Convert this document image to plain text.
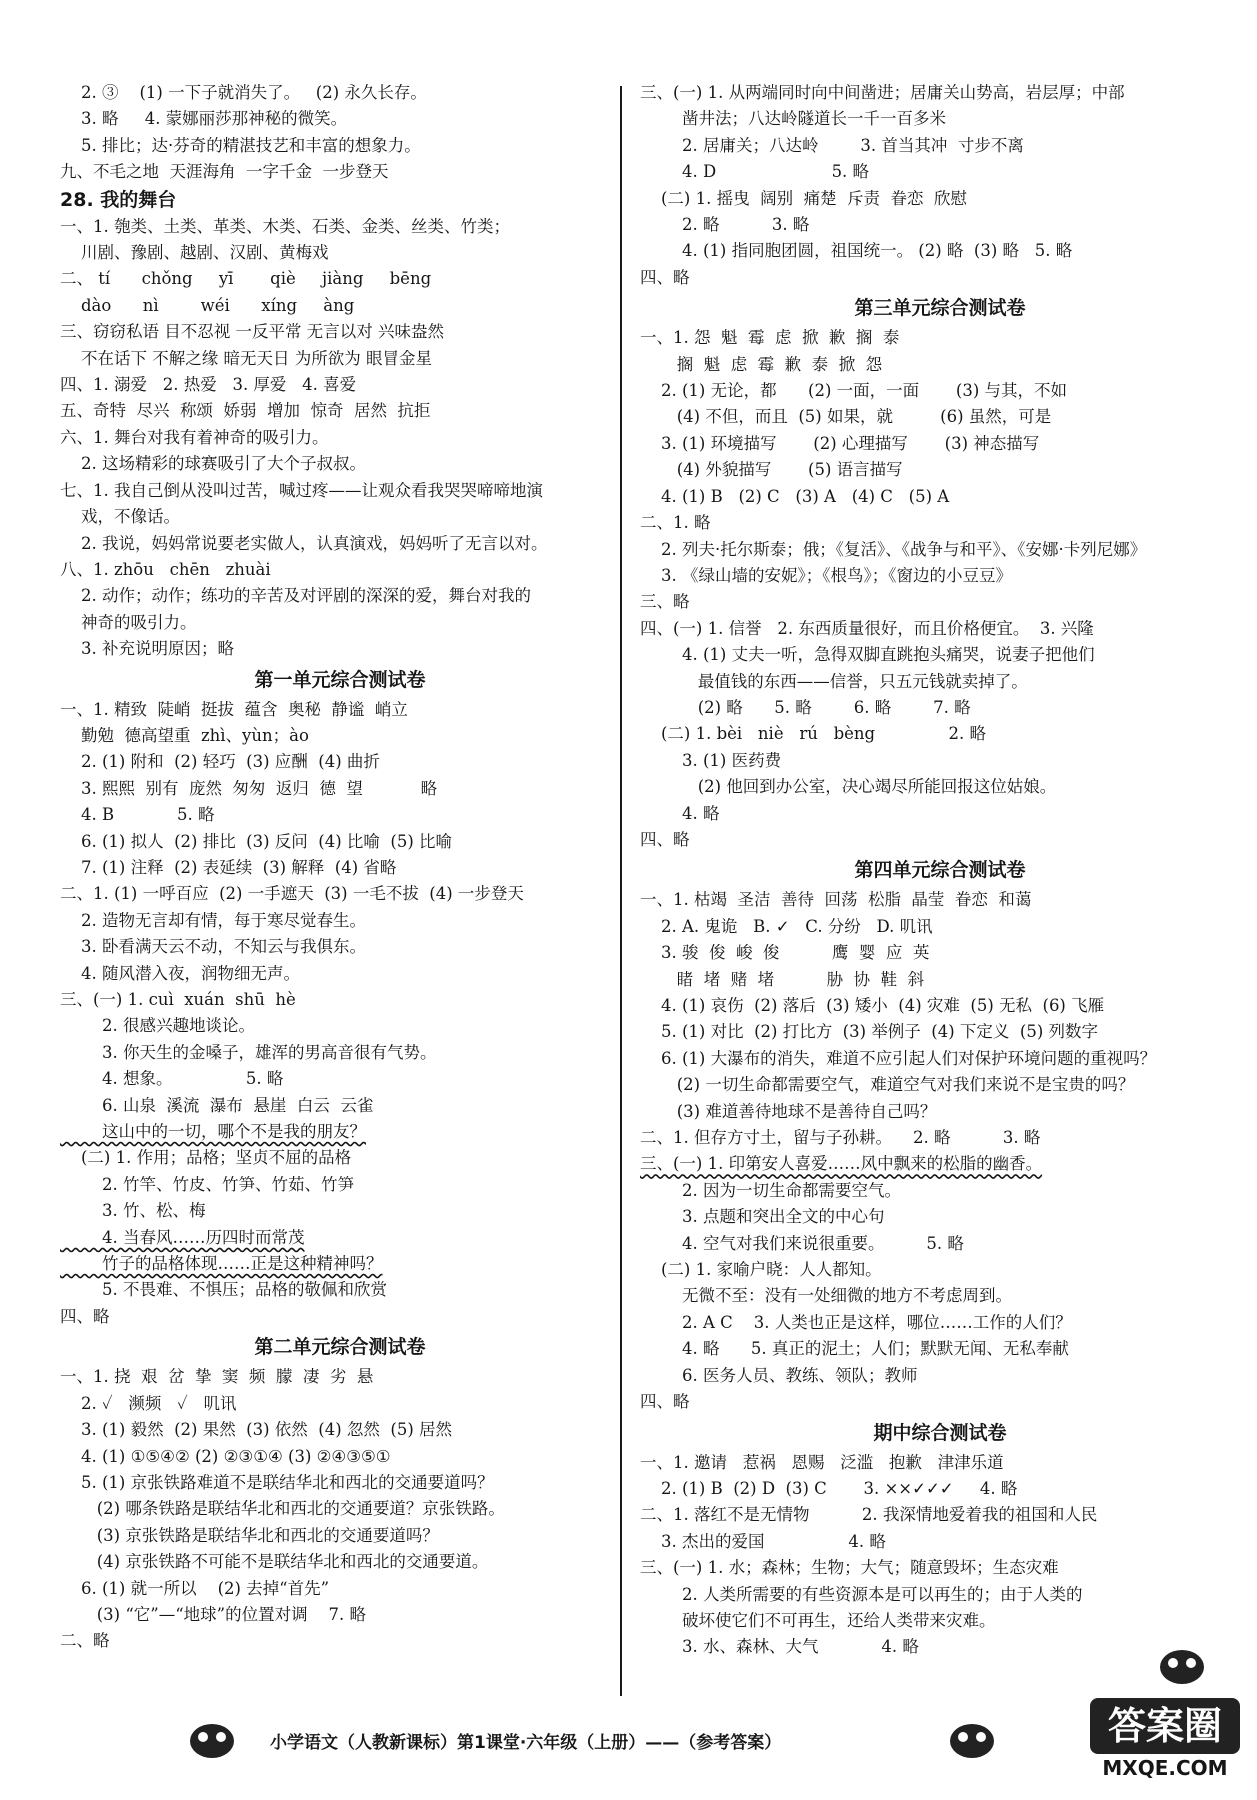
2. ③    (1) 一下子就消失了。   (2) 永久长存。
3. 略     4. 蒙娜丽莎那神秘的微笑。
5. 排比；达·芬奇的精湛技艺和丰富的想象力。
九、不毛之地  天涯海角  一字千金  一步登天
28. 我的舞台
一、1. 匏类、土类、革类、木类、石类、金类、丝类、竹类；
川剧、豫剧、越剧、汉剧、黄梅戏
二、 tí      chǒng     yī       qiè     jiàng     bēng
dào      nì        wéi      xíng     àng
三、窃窃私语 目不忍视 一反平常 无言以对 兴味盎然
不在话下 不解之缘 暗无天日 为所欲为 眼冒金星
四、1. 溺爱   2. 热爱   3. 厚爱   4. 喜爱
五、奇特  尽兴  称颂  娇弱  增加  惊奇  居然  抗拒
六、1. 舞台对我有着神奇的吸引力。
2. 这场精彩的球赛吸引了大个子叔叔。
七、1. 我自己倒从没叫过苦，喊过疼——让观众看我哭哭啼啼地演
戏，不像话。
2. 我说，妈妈常说要老实做人，认真演戏，妈妈听了无言以对。
八、1. zhōu   chēn   zhuài
2. 动作；动作；练功的辛苦及对评剧的深深的爱，舞台对我的
神奇的吸引力。
3. 补充说明原因；略
第一单元综合测试卷
一、1. 精致  陡峭  挺拔  蕴含  奥秘  静谧  峭立
勤勉  德高望重  zhì、yùn；ào
2. (1) 附和  (2) 轻巧  (3) 应酬  (4) 曲折
3. 熙熙  别有  庞然  匆匆  返归  德  望           略
4. B            5. 略
6. (1) 拟人  (2) 排比  (3) 反问  (4) 比喻  (5) 比喻
7. (1) 注释  (2) 表延续  (3) 解释  (4) 省略
二、1. (1) 一呼百应  (2) 一手遮天  (3) 一毛不拔  (4) 一步登天
2. 造物无言却有情，每于寒尽觉春生。
3. 卧看满天云不动，不知云与我俱东。
4. 随风潜入夜，润物细无声。
三、(一) 1. cuì  xuán  shū  hè
2. 很感兴趣地谈论。
3. 你天生的金嗓子，雄浑的男高音很有气势。
4. 想象。              5. 略
6. 山泉  溪流  瀑布  悬崖  白云  云雀
这山中的一切，哪个不是我的朋友？
(二) 1. 作用；品格；坚贞不屈的品格
2. 竹竿、竹皮、竹笋、竹茹、竹笋
3. 竹、松、梅
4. 当春风……历四时而常茂
竹子的品格体现……正是这种精神吗？
5. 不畏难、不惧压；品格的敬佩和欣赏
四、略
第二单元综合测试卷
一、1. 挠  艰  岔  挚  窦  频  朦  凄  劣  悬
2. ✓   濒频   ✓   叽讯
3. (1) 毅然  (2) 果然  (3) 依然  (4) 忽然  (5) 居然
4. (1) ①⑤④② (2) ②③①④ (3) ②④③⑤①
5. (1) 京张铁路难道不是联结华北和西北的交通要道吗？
(2) 哪条铁路是联结华北和西北的交通要道？京张铁路。
(3) 京张铁路是联结华北和西北的交通要道吗？
(4) 京张铁路不可能不是联结华北和西北的交通要道。
6. (1) 就一所以    (2) 去掉“首先”
(3) “它”—“地球”的位置对调    7. 略
二、略
三、(一) 1. 从两端同时向中间凿进；居庸关山势高，岩层厚；中部
凿井法；八达岭隧道长一千一百多米
2. 居庸关；八达岭        3. 首当其冲  寸步不离
4. D                      5. 略
(二) 1. 摇曳  阔别  痛楚  斥责  眷恋  欣慰
2. 略          3. 略
4. (1) 指同胞团圆，祖国统一。 (2) 略  (3) 略   5. 略
四、略
第三单元综合测试卷
一、1. 怨  魁  霉  虑  掀  歉  搁  泰
搁  魁  虑  霉  歉  泰  掀  怨
2. (1) 无论，都      (2) 一面，一面       (3) 与其，不如
(4) 不但，而且  (5) 如果，就         (6) 虽然，可是
3. (1) 环境描写       (2) 心理描写       (3) 神态描写
(4) 外貌描写       (5) 语言描写
4. (1) B   (2) C   (3) A   (4) C   (5) A
二、1. 略
2. 列夫·托尔斯泰；俄；《复活》、《战争与和平》、《安娜·卡列尼娜》
3. 《绿山墙的安妮》；《根鸟》；《窗边的小豆豆》
三、略
四、(一) 1. 信誉   2. 东西质量很好，而且价格便宜。  3. 兴隆
4. (1) 丈夫一听，急得双脚直跳抱头痛哭，说妻子把他们
最值钱的东西——信誉，只五元钱就卖掉了。
(2) 略      5. 略        6. 略        7. 略
(二) 1. bèi   niè   rú   bèng              2. 略
3. (1) 医药费
(2) 他回到办公室，决心竭尽所能回报这位姑娘。
4. 略
四、略
第四单元综合测试卷
一、1. 枯竭  圣洁  善待  回荡  松脂  晶莹  眷恋  和蔼
2. A. 鬼诡   B. ✓   C. 分纷   D. 叽讯
3. 骏  俊  峻  俊          鹰  婴  应  英
睹  堵  赌  堵          胁  协  鞋  斜
4. (1) 哀伤  (2) 落后  (3) 矮小  (4) 灾难  (5) 无私  (6) 飞雁
5. (1) 对比  (2) 打比方  (3) 举例子  (4) 下定义  (5) 列数字
6. (1) 大瀑布的消失，难道不应引起人们对保护环境问题的重视吗？
(2) 一切生命都需要空气，难道空气对我们来说不是宝贵的吗？
(3) 难道善待地球不是善待自己吗？
二、1. 但存方寸土，留与子孙耕。    2. 略          3. 略
三、(一) 1. 印第安人喜爱……风中飘来的松脂的幽香。
2. 因为一切生命都需要空气。
3. 点题和突出全文的中心句
4. 空气对我们来说很重要。        5. 略
(二) 1. 家喻户晓：人人都知。
无微不至：没有一处细微的地方不考虑周到。
2. A C    3. 人类也正是这样，哪位……工作的人们？
4. 略      5. 真正的泥土；人们；默默无闻、无私奉献
6. 医务人员、教练、领队；教师
四、略
期中综合测试卷
一、1. 邀请   惹祸   恩赐   泛滥   抱歉   津津乐道
2. (1) B  (2) D  (3) C       3. ××✓✓✓     4. 略
二、1. 落红不是无情物          2. 我深情地爱着我的祖国和人民
3. 杰出的爱国                4. 略
三、(一) 1. 水；森林；生物；大气；随意毁坏；生态灾难
2. 人类所需要的有些资源本是可以再生的；由于人类的
破坏使它们不可再生，还给人类带来灾难。
3. 水、森林、大气            4. 略
小学语文（人教新课标）第1课堂·六年级（上册）——（参考答案）	答案圈
MXQE.COM
